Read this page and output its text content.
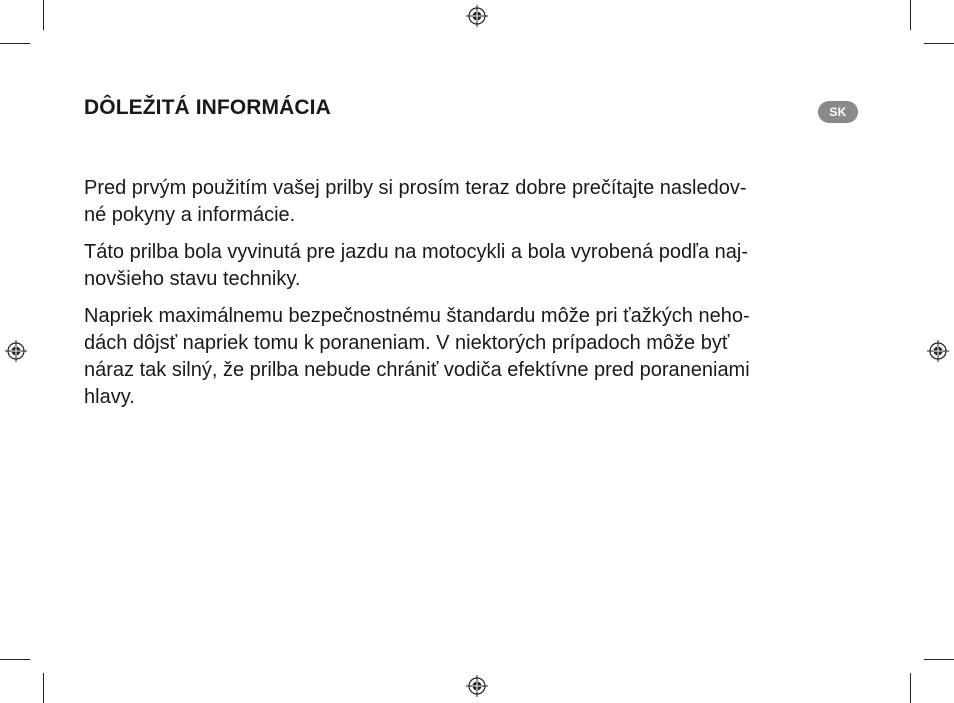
DÔLEŽITÁ INFORMÁCIA	SK

Pred prvým použitím vašej prilby si prosím teraz dobre prečítajte nasledov-
né pokyny a informácie.

Táto prilba bola vyvinutá pre jazdu na motocykli a bola vyrobená podľa naj-
novšieho stavu techniky.

Napriek maximálnemu bezpečnostnému štandardu môže pri ťažkých neho-
dách dôjsť napriek tomu k poraneniam. V niektorých prípadoch môže byť
náraz tak silný, že prilba nebude chrániť vodiča efektívne pred poraneniami
hlavy.
